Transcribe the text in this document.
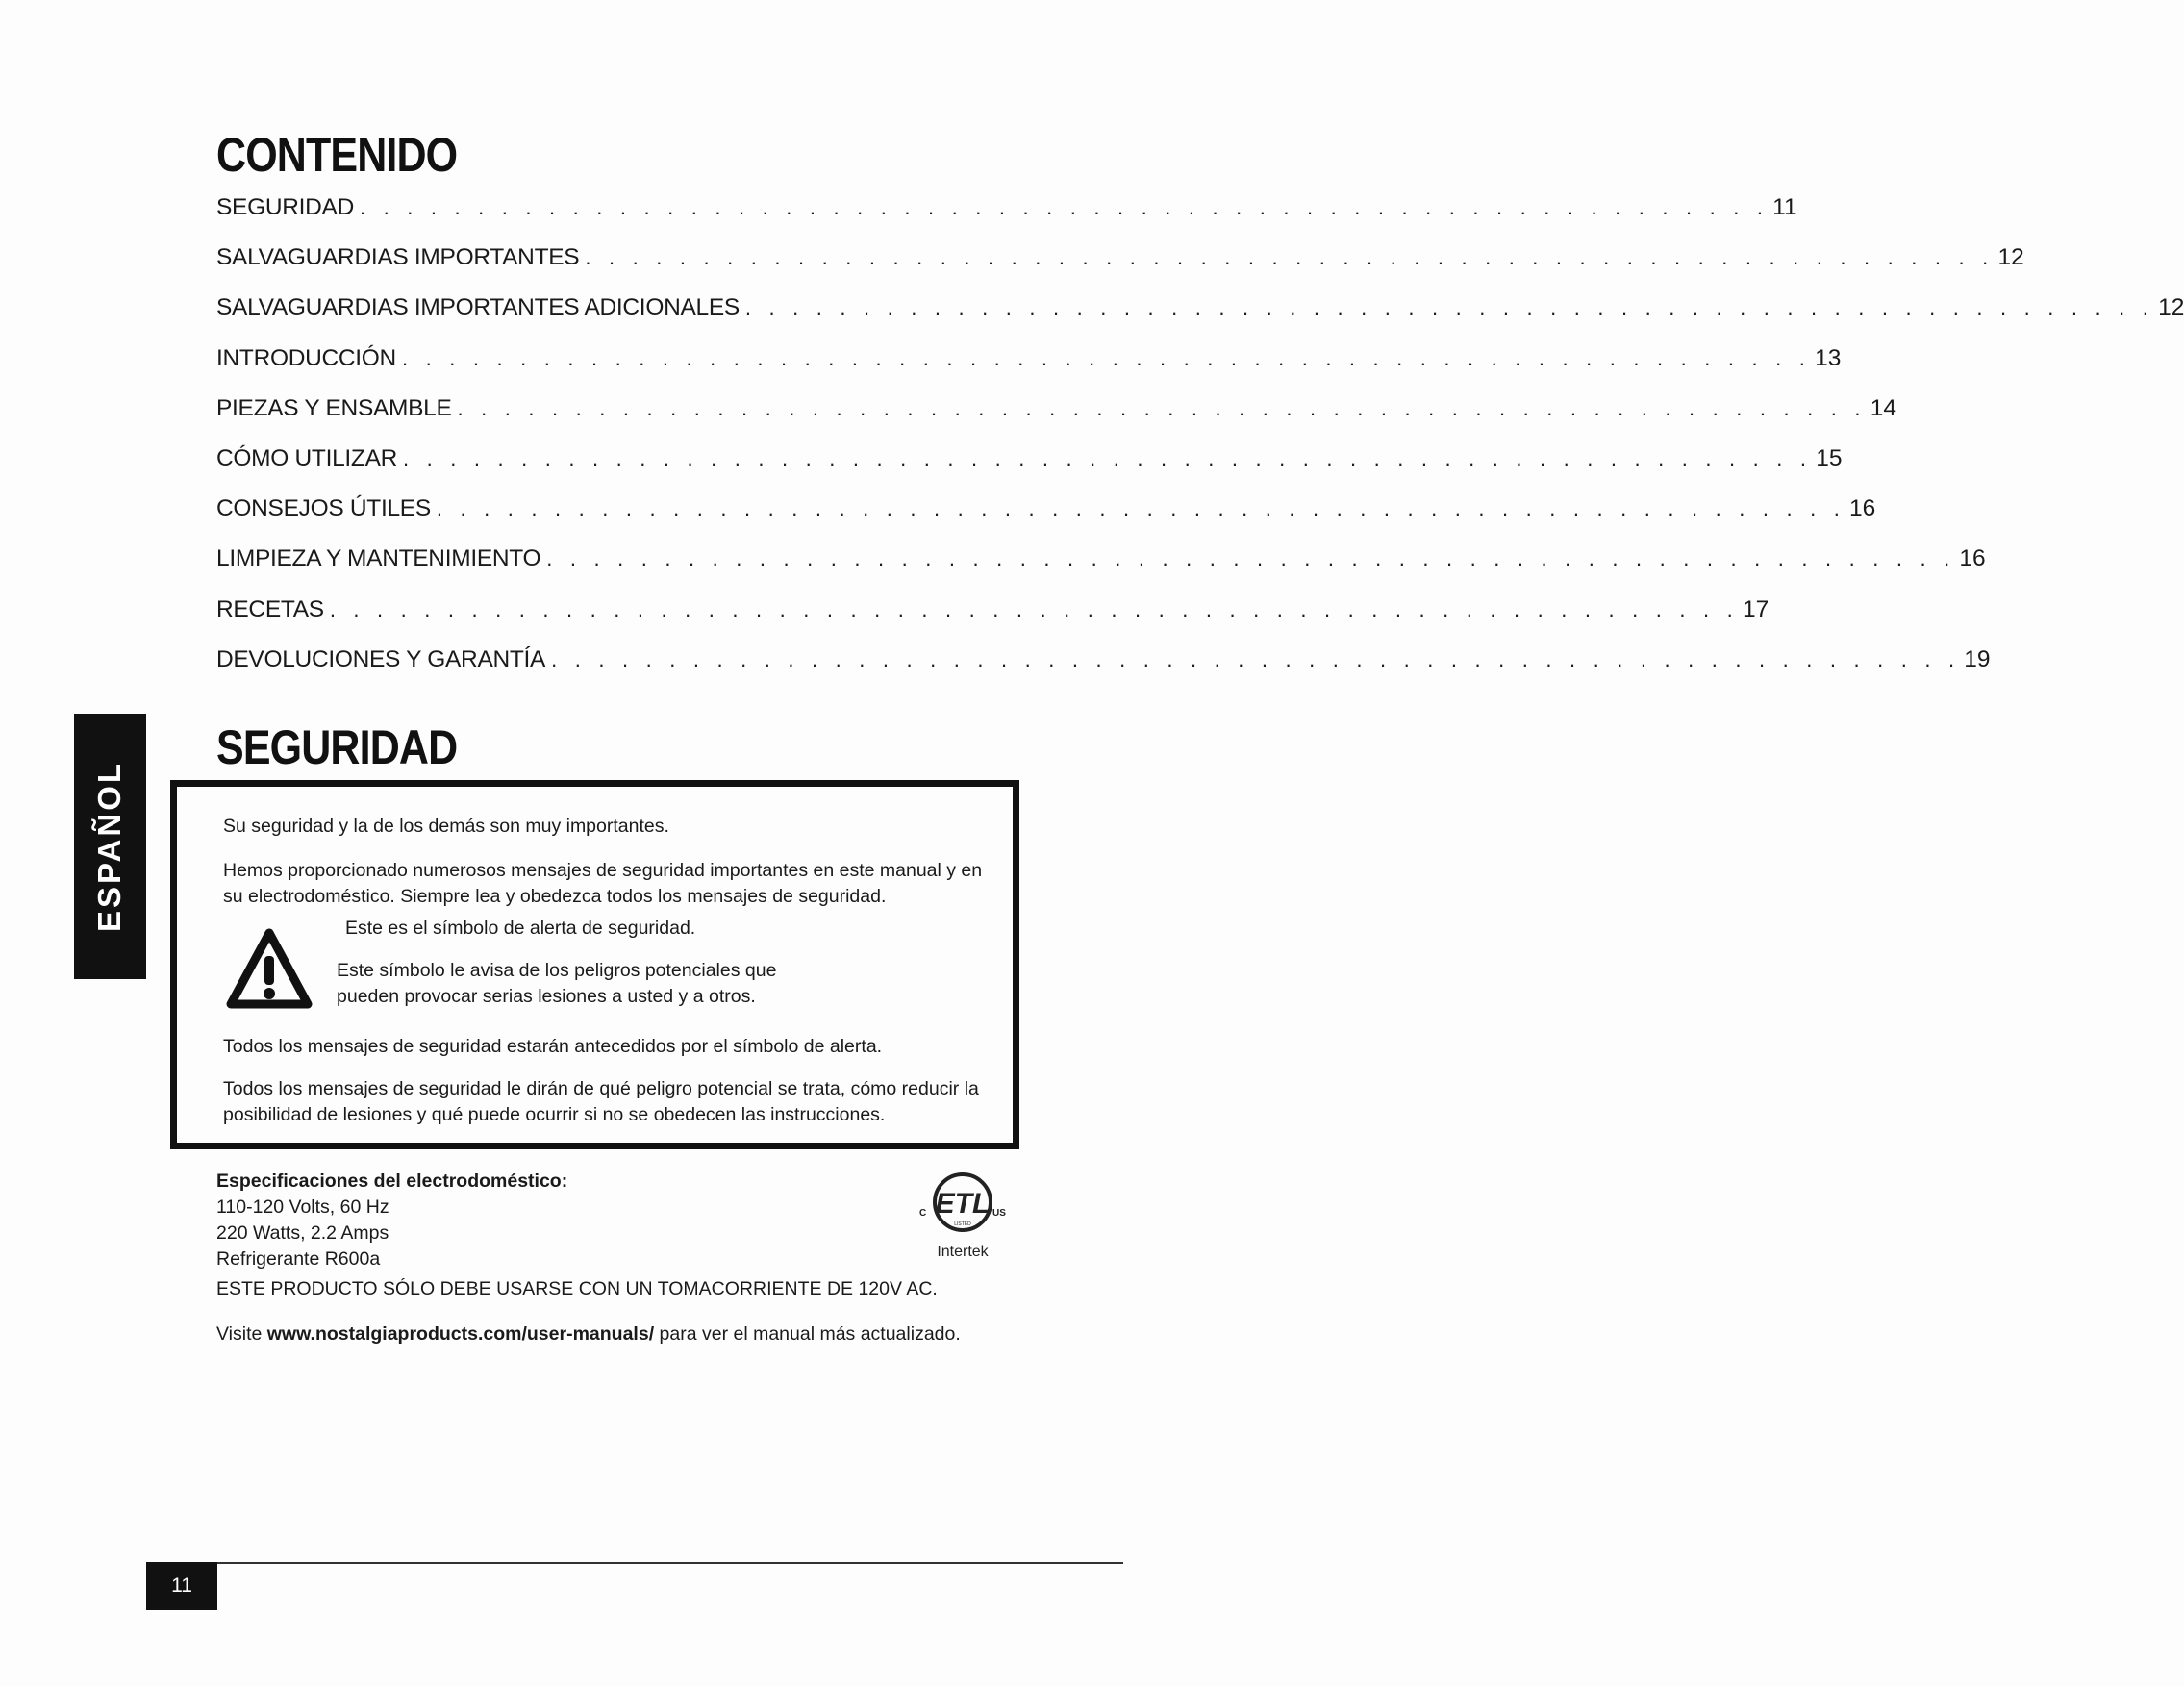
CONTENIDO
SEGURIDAD . . . . . . . . . . . . . . . . . . . . . . . . . . . . . . . . . . . . . . . . . . . . . . . . . . . . . . . . . . . . 11
SALVAGUARDIAS IMPORTANTES . . . . . . . . . . . . . . . . . . . . . . . . . . . . . . . . . . . . . . . . . . . . . . . . . . . . . . . . . . . . 12
SALVAGUARDIAS IMPORTANTES ADICIONALES . . . . . . . . . . . . . . . . . . . . . . . . . . . . . . . . . . . . . . . . . . . . . . . . . . . . . . . . . . . . 12
INTRODUCCIÓN . . . . . . . . . . . . . . . . . . . . . . . . . . . . . . . . . . . . . . . . . . . . . . . . . . . . . . . . . . . . 13
PIEZAS Y ENSAMBLE . . . . . . . . . . . . . . . . . . . . . . . . . . . . . . . . . . . . . . . . . . . . . . . . . . . . . . . . . . . . 14
CÓMO UTILIZAR . . . . . . . . . . . . . . . . . . . . . . . . . . . . . . . . . . . . . . . . . . . . . . . . . . . . . . . . . . . . 15
CONSEJOS ÚTILES . . . . . . . . . . . . . . . . . . . . . . . . . . . . . . . . . . . . . . . . . . . . . . . . . . . . . . . . . . . . 16
LIMPIEZA Y MANTENIMIENTO . . . . . . . . . . . . . . . . . . . . . . . . . . . . . . . . . . . . . . . . . . . . . . . . . . . . . . . . . . . . 16
RECETAS . . . . . . . . . . . . . . . . . . . . . . . . . . . . . . . . . . . . . . . . . . . . . . . . . . . . . . . . . . . . 17
DEVOLUCIONES Y GARANTÍA . . . . . . . . . . . . . . . . . . . . . . . . . . . . . . . . . . . . . . . . . . . . . . . . . . . . . . . . . . . . 19
ESPAÑOL
SEGURIDAD
Su seguridad y la de los demás son muy importantes.
Hemos proporcionado numerosos mensajes de seguridad importantes en este manual y en su electrodoméstico. Siempre lea y obedezca todos los mensajes de seguridad.
Este es el símbolo de alerta de seguridad.
Este símbolo le avisa de los peligros potenciales que pueden provocar serias lesiones a usted y a otros.
Todos los mensajes de seguridad estarán antecedidos por el símbolo de alerta.
Todos los mensajes de seguridad le dirán de qué peligro potencial se trata, cómo reducir la posibilidad de lesiones y qué puede ocurrir si no se obedecen las instrucciones.
Especificaciones del electrodoméstico:
110-120 Volts, 60 Hz
220 Watts, 2.2 Amps
Refrigerante R600a
ETL
C	US
LISTED
Intertek
ESTE PRODUCTO SÓLO DEBE USARSE CON UN TOMACORRIENTE DE 120V AC.
Visite www.nostalgiaproducts.com/user-manuals/ para ver el manual más actualizado.
11
